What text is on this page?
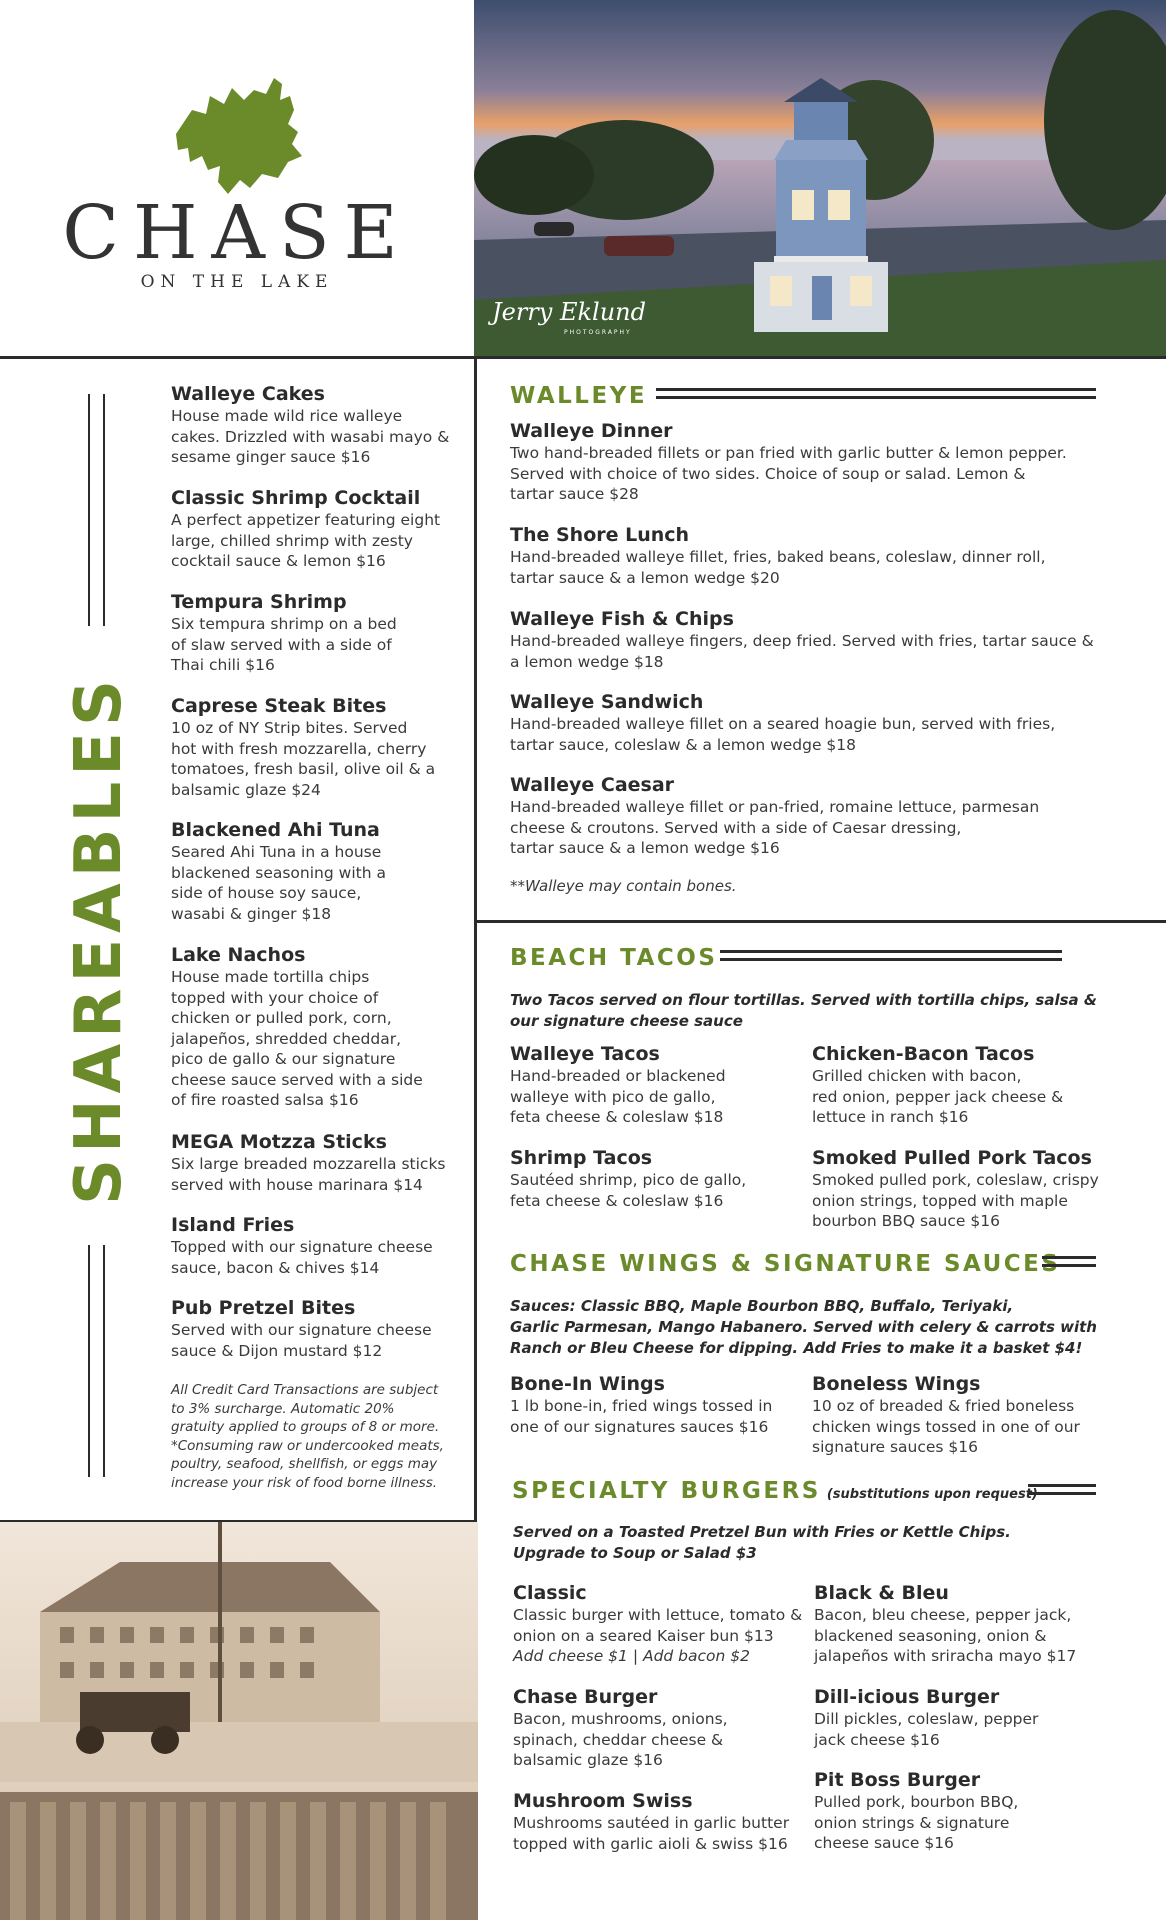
CHASE
ON THE LAKE
Jerry Eklund
PHOTOGRAPHY
SHAREABLES
Walleye Cakes
House made wild rice walleye
cakes. Drizzled with wasabi mayo &
sesame ginger sauce $16
Classic Shrimp Cocktail
A perfect appetizer featuring eight
large, chilled shrimp with zesty
cocktail sauce & lemon $16
Tempura Shrimp
Six tempura shrimp on a bed
of slaw served with a side of
Thai chili $16
Caprese Steak Bites
10 oz of NY Strip bites. Served
hot with fresh mozzarella, cherry
tomatoes, fresh basil, olive oil & a
balsamic glaze $24
Blackened Ahi Tuna
Seared Ahi Tuna in a house
blackened seasoning with a
side of house soy sauce,
wasabi & ginger $18
Lake Nachos
House made tortilla chips
topped with your choice of
chicken or pulled pork, corn,
jalapeños, shredded cheddar,
pico de gallo & our signature
cheese sauce served with a side
of fire roasted salsa $16
MEGA Motzza Sticks
Six large breaded mozzarella sticks
served with house marinara $14
Island Fries
Topped with our signature cheese
sauce, bacon & chives $14
Pub Pretzel Bites
Served with our signature cheese
sauce & Dijon mustard $12
All Credit Card Transactions are subject
to 3% surcharge. Automatic 20%
gratuity applied to groups of 8 or more.
*Consuming raw or undercooked meats,
poultry, seafood, shellfish, or eggs may
increase your risk of food borne illness.
WALLEYE
Walleye Dinner
Two hand-breaded fillets or pan fried with garlic butter & lemon pepper.
Served with choice of two sides. Choice of soup or salad. Lemon &
tartar sauce $28
The Shore Lunch
Hand-breaded walleye fillet, fries, baked beans, coleslaw, dinner roll,
tartar sauce & a lemon wedge $20
Walleye Fish & Chips
Hand-breaded walleye fingers, deep fried. Served with fries, tartar sauce &
a lemon wedge $18
Walleye Sandwich
Hand-breaded walleye fillet on a seared hoagie bun, served with fries,
tartar sauce, coleslaw & a lemon wedge $18
Walleye Caesar
Hand-breaded walleye fillet or pan-fried, romaine lettuce, parmesan
cheese & croutons. Served with a side of Caesar dressing,
tartar sauce & a lemon wedge $16
**Walleye may contain bones.
BEACH TACOS
Two Tacos served on flour tortillas. Served with tortilla chips, salsa &
our signature cheese sauce
Walleye Tacos
Hand-breaded or blackened
walleye with pico de gallo,
feta cheese & coleslaw $18
Chicken-Bacon Tacos
Grilled chicken with bacon,
red onion, pepper jack cheese &
lettuce in ranch $16
Shrimp Tacos
Sautéed shrimp, pico de gallo,
feta cheese & coleslaw $16
Smoked Pulled Pork Tacos
Smoked pulled pork, coleslaw, crispy
onion strings, topped with maple
bourbon BBQ sauce $16
CHASE WINGS & SIGNATURE SAUCES
Sauces: Classic BBQ, Maple Bourbon BBQ, Buffalo, Teriyaki,
Garlic Parmesan, Mango Habanero. Served with celery & carrots with
Ranch or Bleu Cheese for dipping. Add Fries to make it a basket $4!
Bone-In Wings
1 lb bone-in, fried wings tossed in
one of our signatures sauces $16
Boneless Wings
10 oz of breaded & fried boneless
chicken wings tossed in one of our
signature sauces $16
SPECIALTY BURGERS (substitutions upon request)
Served on a Toasted Pretzel Bun with Fries or Kettle Chips.
Upgrade to Soup or Salad $3
Classic
Classic burger with lettuce, tomato &
onion on a seared Kaiser bun $13
Add cheese $1 | Add bacon $2
Black & Bleu
Bacon, bleu cheese, pepper jack,
blackened seasoning, onion &
jalapeños with sriracha mayo $17
Chase Burger
Bacon, mushrooms, onions,
spinach, cheddar cheese &
balsamic glaze $16
Dill-icious Burger
Dill pickles, coleslaw, pepper
jack cheese $16
Pit Boss Burger
Pulled pork, bourbon BBQ,
onion strings & signature
cheese sauce $16
Mushroom Swiss
Mushrooms sautéed in garlic butter
topped with garlic aioli & swiss $16
